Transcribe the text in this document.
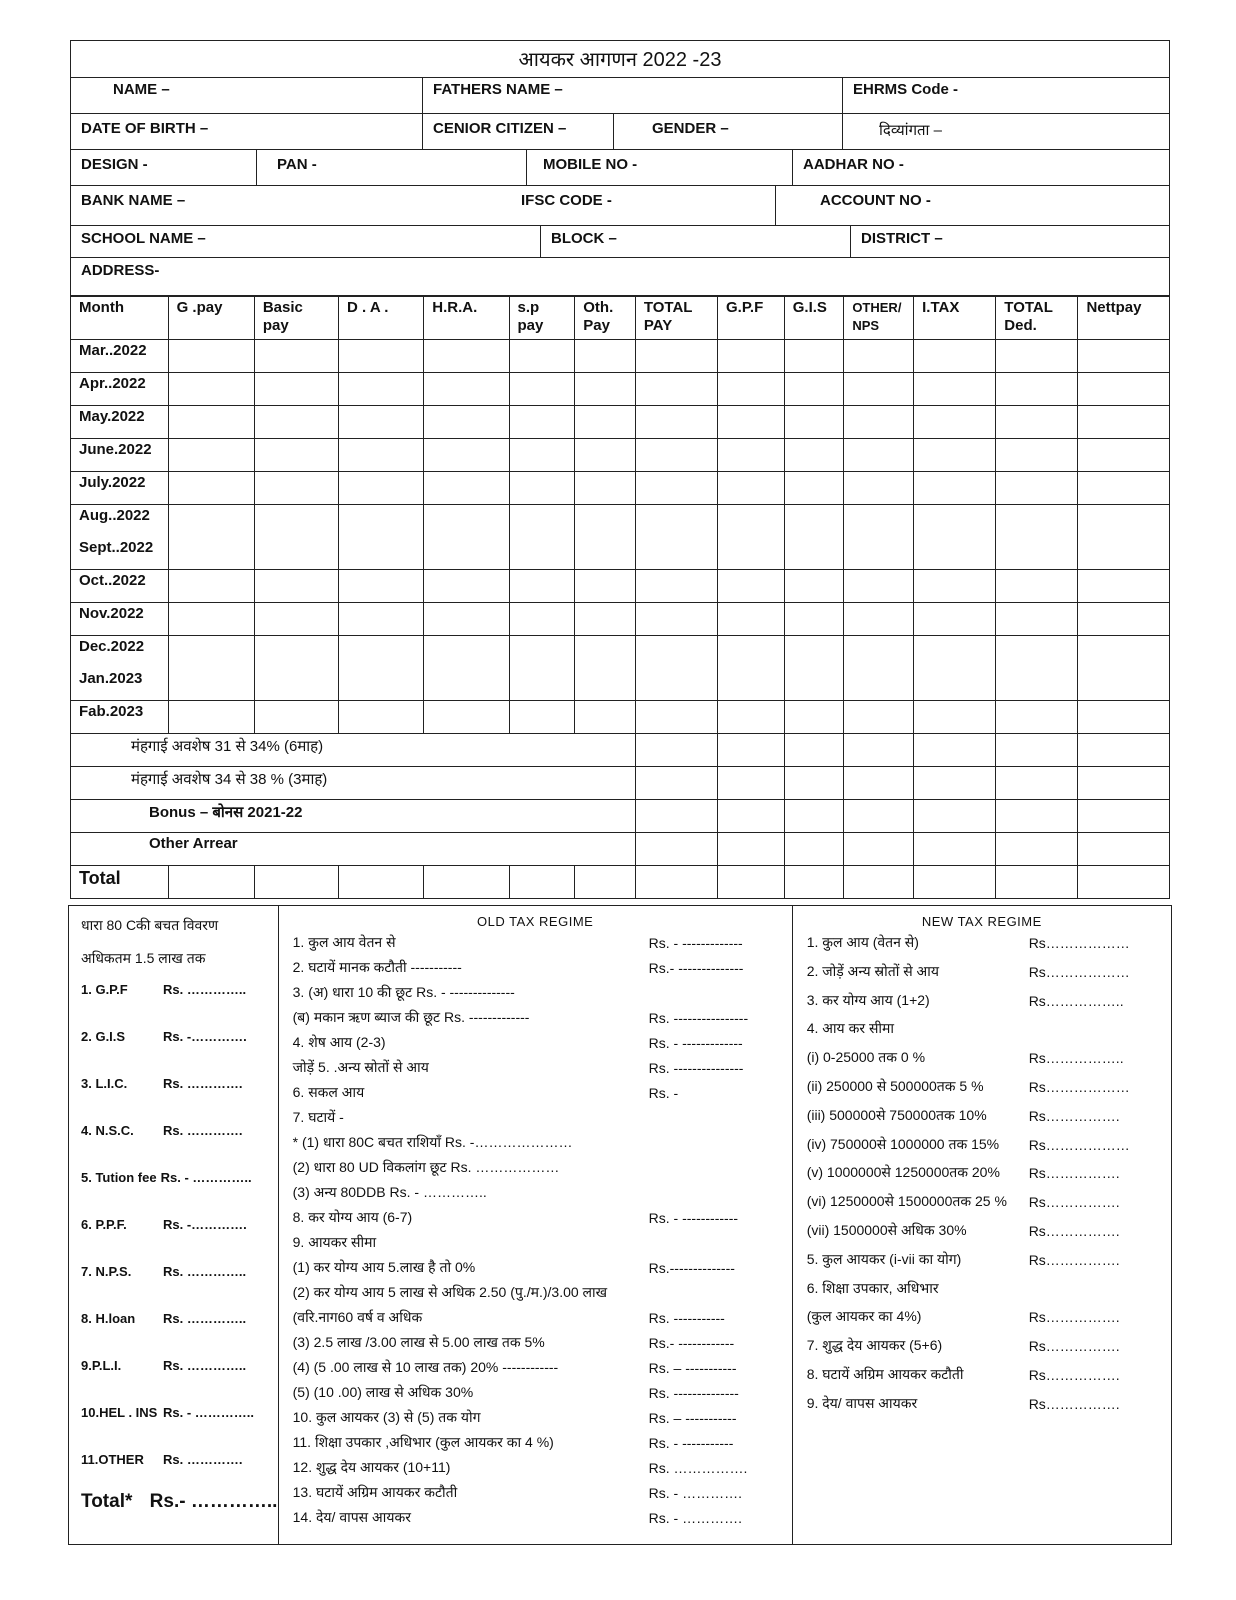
आयकर आगणन 2022 -23
NAME –	FATHERS NAME –	EHRMS Code -
DATE OF BIRTH –	CENIOR CITIZEN –	GENDER –	दिव्यांगता –
DESIGN -	PAN -	MOBILE NO -	AADHAR NO -
BANK NAME –	IFSC CODE -	ACCOUNT NO -
SCHOOL NAME –	BLOCK –	DISTRICT –
ADDRESS-
Month	G .pay	Basic pay	D . A .	H.R.A.	s.p pay	Oth. Pay	TOTAL PAY	G.P.F	G.I.S	OTHER/ NPS	I.TAX	TOTAL Ded.	Nettpay
Mar..2022													
Apr..2022													
May.2022													
June.2022													
July.2022													
Aug..2022													
Sept..2022													
Oct..2022													
Nov.2022													
Dec.2022													
Jan.2023													
Fab.2023													
मंहगाई अवशेष 31 से 34% (6माह)													
मंहगाई अवशेष 34 से 38 % (3माह)													
Bonus – बोनस 2021-22													
Other Arrear													
Total													
धारा 80 Cकी बचत विवरण
अधिकतम 1.5 लाख तक
1. G.P.F	Rs. …………..
2. G.I.S	Rs. -………….
3. L.I.C.	Rs. ………….
4. N.S.C.	Rs. ………….
5. Tution fee Rs. - …………..
6. P.P.F.	Rs. -………….
7. N.P.S.	Rs. …………..
8. H.loan	Rs. …………..
9.P.L.I.	Rs. …………..
10.HEL . INS Rs. - …………..
11.OTHER	Rs. ………….
Total* Rs.- …………..
OLD TAX REGIME
1. कुल आय वेतन से	Rs. - -------------
2. घटायें मानक कटौती -----------	Rs.- --------------
3. (अ) धारा 10 की छूट Rs. - --------------
(ब) मकान ऋण ब्याज की छूट Rs. -------------	Rs. ----------------
4. शेष आय (2-3)	Rs. - -------------
जोड़ें 5. .अन्य स्रोतों से आय	Rs. ---------------
6. सकल आय	Rs. -
7. घटायें -
* (1) धारा 80C बचत राशियाँ Rs. -…………………
(2) धारा 80 UD विकलांग छूट Rs. ………………
(3) अन्य 80DDB Rs. - …………..
8. कर योग्य आय (6-7)	Rs. - ------------
9. आयकर सीमा
(1) कर योग्य आय 5.लाख है तो 0%	Rs.--------------
(2) कर योग्य आय 5 लाख से अधिक 2.50 (पु./म.)/3.00 लाख
(वरि.नाग60 वर्ष व अधिक	Rs. -----------
(3) 2.5 लाख /3.00 लाख से 5.00 लाख तक 5%	Rs.- ------------
(4) (5 .00 लाख से 10 लाख तक) 20% ------------	Rs. – -----------
(5) (10 .00) लाख से अधिक 30%	Rs. --------------
10. कुल आयकर (3) से (5) तक योग	Rs. – -----------
11. शिक्षा उपकार ,अधिभार (कुल आयकर का 4 %)	Rs. - -----------
12. शुद्ध देय आयकर (10+11)	Rs. …………….
13. घटायें अग्रिम आयकर कटौती	Rs. - ………….
14. देय/ वापस आयकर	Rs. - ………….
NEW TAX REGIME
1. कुल आय (वेतन से)	Rs………………
2. जोड़ें अन्य स्रोतों से आय	Rs………………
3. कर योग्य आय (1+2)	Rs……………..
4. आय कर सीमा
(i) 0-25000 तक 0 %	Rs……………..
(ii) 250000 से 500000तक 5 %	Rs………………
(iii) 500000से 750000तक 10%	Rs…………….
(iv) 750000से 1000000 तक 15% Rs………………
(v) 1000000से 1250000तक 20% Rs…………….
(vi) 1250000से 1500000तक 25 % Rs…………….
(vii) 1500000से अधिक 30%	Rs…………….
5. कुल आयकर (i-vii का योग)	Rs…………….
6. शिक्षा उपकार, अधिभार
(कुल आयकर का 4%)	Rs…………….
7. शुद्ध देय आयकर (5+6)	Rs…………….
8. घटायें अग्रिम आयकर कटौती	Rs…………….
9. देय/ वापस आयकर	Rs…………….
